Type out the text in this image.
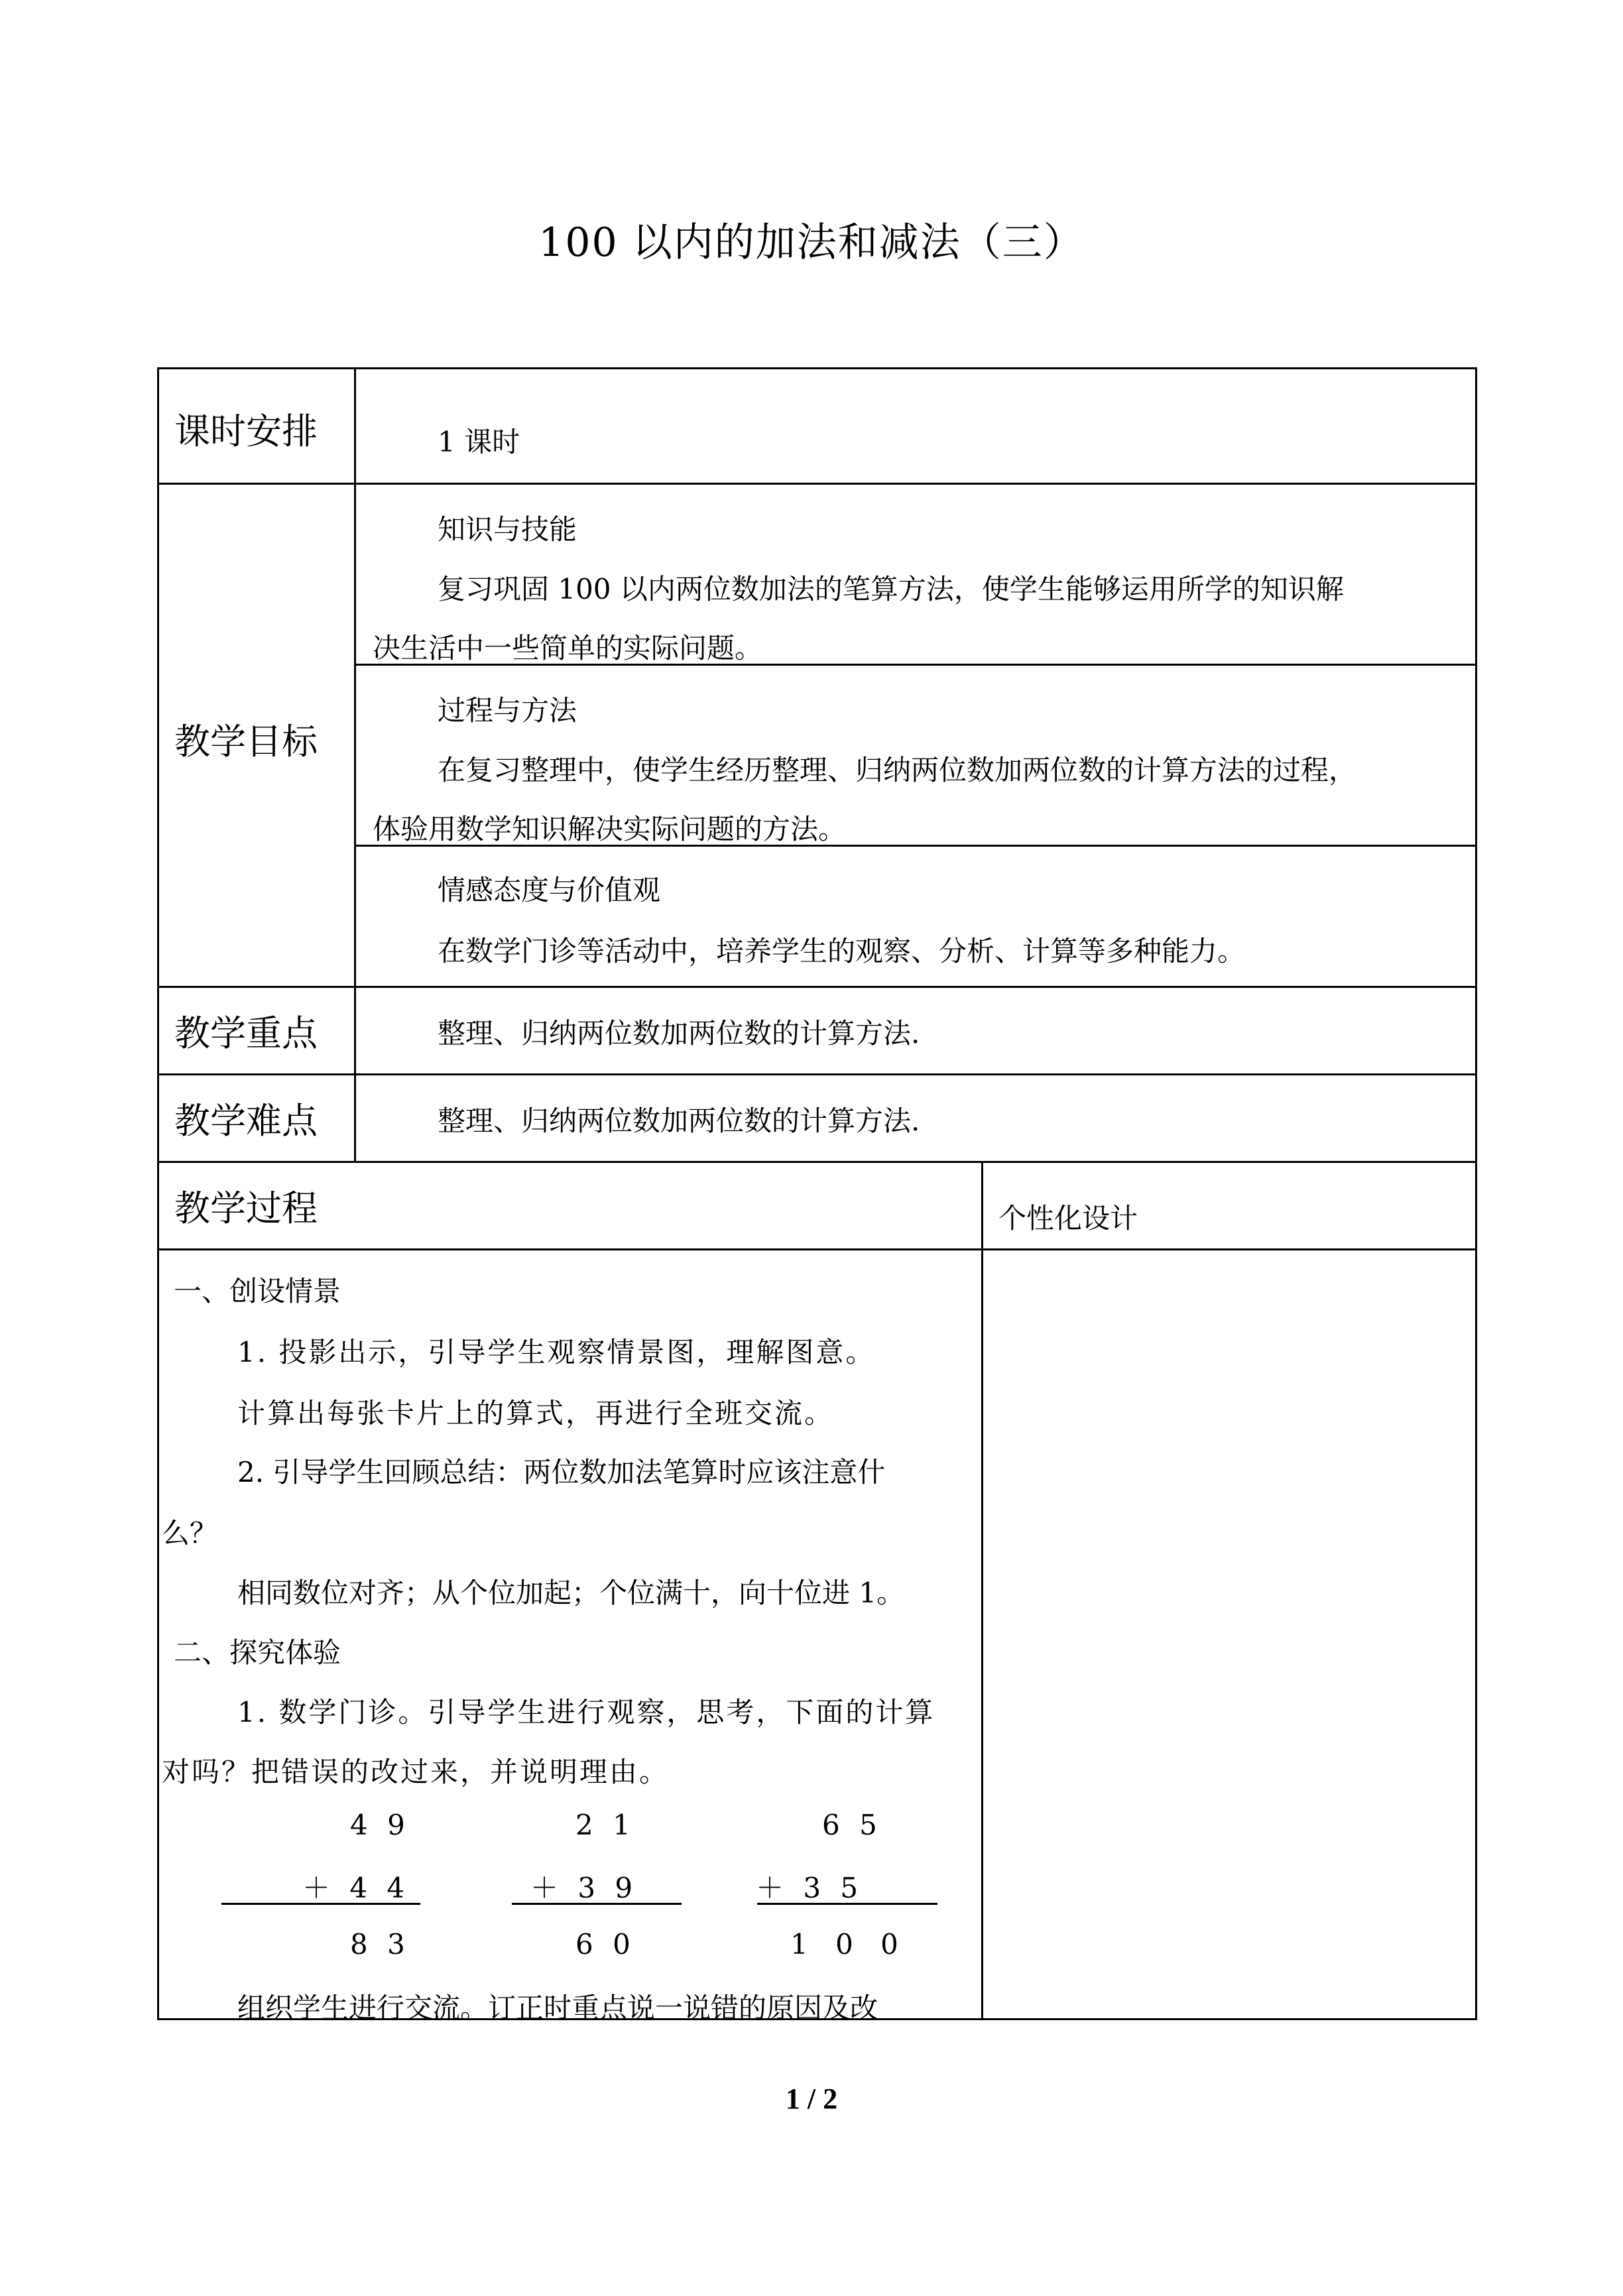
100 以内的加法和减法（三）
课时安排
教学目标
教学重点
教学难点
教学过程	个性化设计
1 课时
知识与技能
复习巩固 100 以内两位数加法的笔算方法，使学生能够运用所学的知识解
决生活中一些简单的实际问题。
过程与方法
在复习整理中，使学生经历整理、归纳两位数加两位数的计算方法的过程，
体验用数学知识解决实际问题的方法。
情感态度与价值观
在数学门诊等活动中，培养学生的观察、分析、计算等多种能力。
整理、归纳两位数加两位数的计算方法.
整理、归纳两位数加两位数的计算方法.
一、创设情景
1. 投影出示，引导学生观察情景图，理解图意。
计算出每张卡片上的算式，再进行全班交流。
2. 引导学生回顾总结：两位数加法笔算时应该注意什
么？
相同数位对齐；从个位加起；个位满十，向十位进 1。
二、探究体验
1. 数学门诊。引导学生进行观察，思考，下面的计算
对吗？把错误的改过来，并说明理由。
4 9
＋ 4 4
8 3
2 1
＋ 3 9
6 0
6 5
＋ 3 5
1 0 0
组织学生进行交流。订正时重点说一说错的原因及改
1 / 2
